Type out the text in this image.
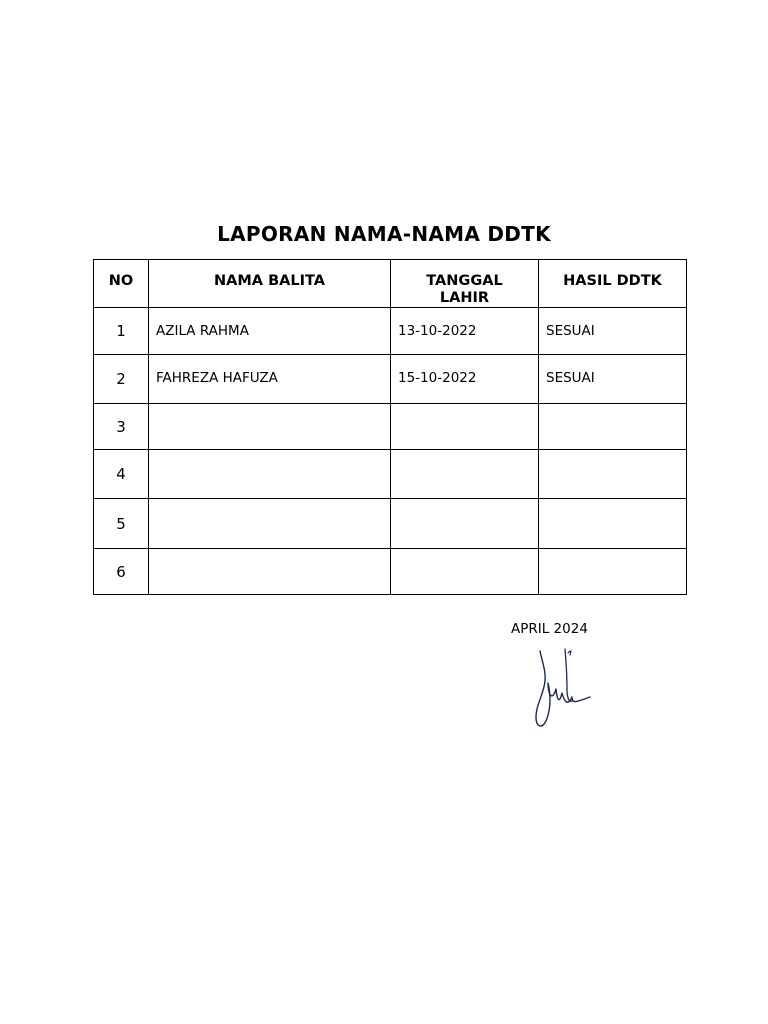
LAPORAN NAMA-NAMA DDTK
NO	NAMA BALITA	TANGGAL LAHIR	HASIL DDTK
1	AZILA RAHMA	13-10-2022	SESUAI
2	FAHREZA HAFUZA	15-10-2022	SESUAI
3			
4			
5			
6			
APRIL 2024
